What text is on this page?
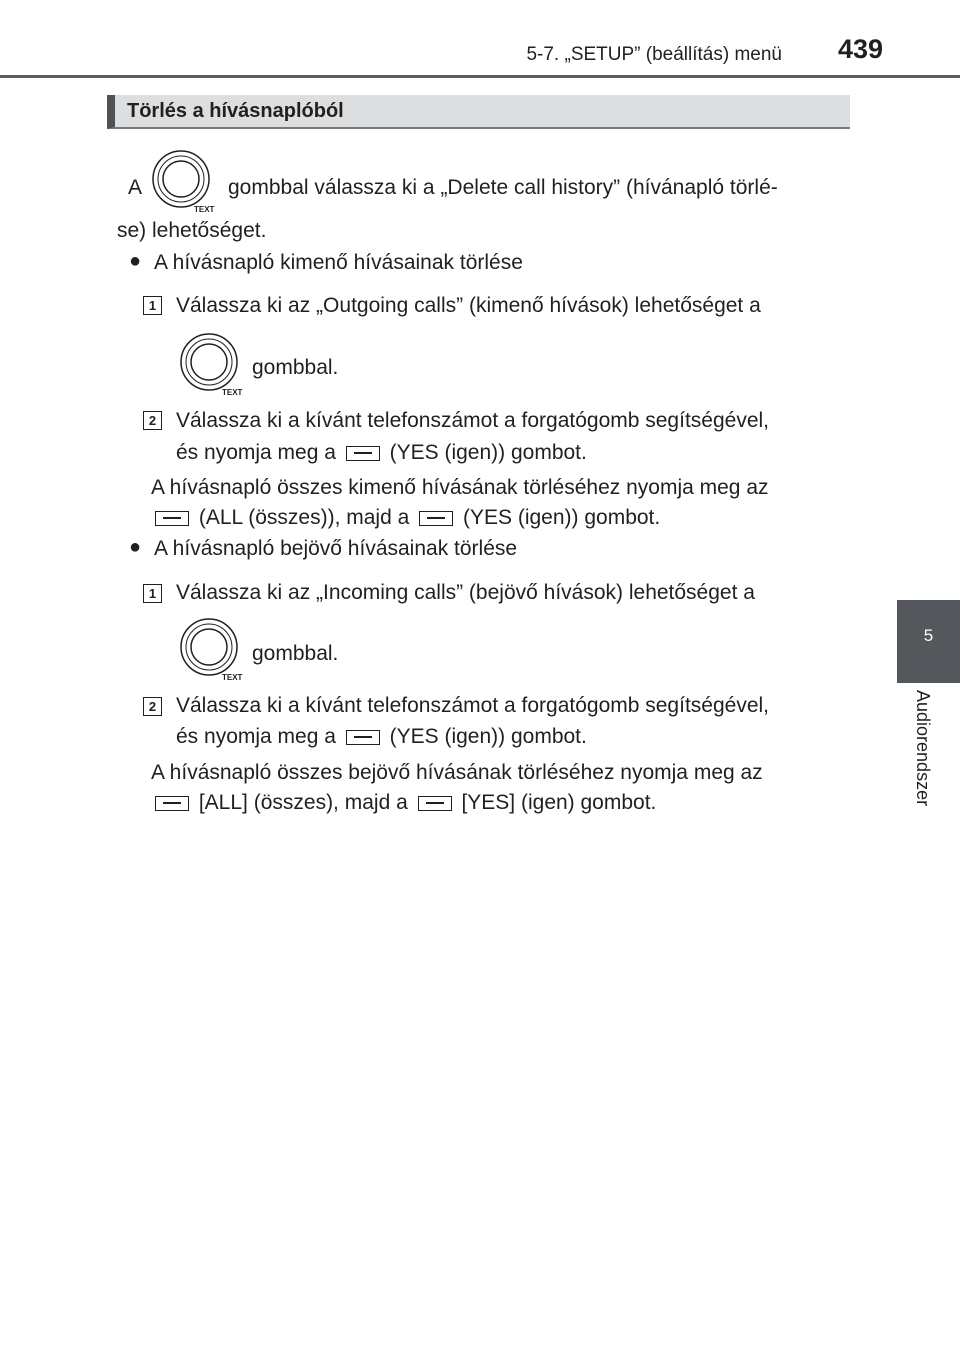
5-7. „SETUP” (beállítás) menü 439
5
Audiorendszer
Törlés a hívásnaplóból
A
TEXT
gombbal válassza ki a „Delete call history” (hívánapló törlé-
se) lehetőséget.
● A hívásnapló kimenő hívásainak törlése
1 Válassza ki az „Outgoing calls” (kimenő hívások) lehetőséget a
TEXT
gombbal.
2 Válassza ki a kívánt telefonszámot a forgatógomb segítségével,
és nyomja meg a	(YES (igen)) gombot.
A hívásnapló összes kimenő hívásának törléséhez nyomja meg az
(ALL (összes)), majd a	(YES (igen)) gombot.
● A hívásnapló bejövő hívásainak törlése
1 Válassza ki az „Incoming calls” (bejövő hívások) lehetőséget a
TEXT
gombbal.
2 Válassza ki a kívánt telefonszámot a forgatógomb segítségével,
és nyomja meg a	(YES (igen)) gombot.
A hívásnapló összes bejövő hívásának törléséhez nyomja meg az
[ALL] (összes), majd a	[YES] (igen) gombot.
